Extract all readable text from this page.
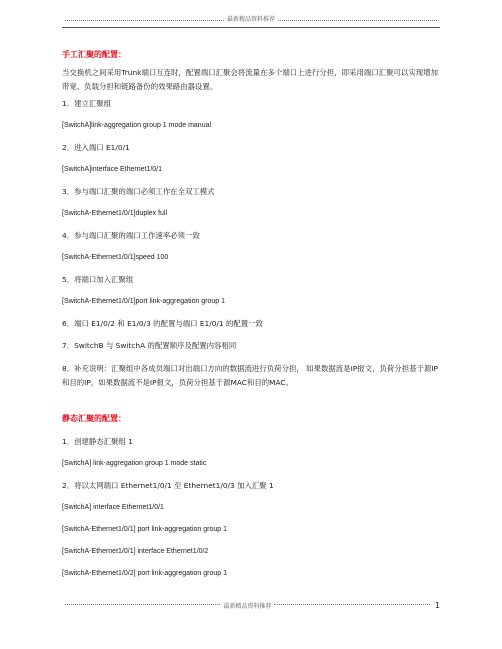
最新精品资料推荐

手工汇聚的配置：

当交换机之间采用Trunk端口互连时，配置端口汇聚会将流量在多个端口上进行分担，即采用端口汇聚可以实现增加带宽、负载分担和链路备份的效果路由器设置。

1．建立汇聚组

[SwitchA]link-aggregation group 1 mode manual

2．进入端口 E1/0/1

[SwitchA]interface Ethernet1/0/1

3．参与端口汇聚的端口必须工作在全双工模式

[SwitchA-Ethernet1/0/1]duplex full

4．参与端口汇聚的端口工作速率必须一致

[SwitchA-Ethernet1/0/1]speed 100

5．将端口加入汇聚组

[SwitchA-Ethernet1/0/1]port link-aggregation group 1

6．端口 E1/0/2 和 E1/0/3 的配置与端口 E1/0/1 的配置一致

7．SwitchB 与 SwitchA 的配置顺序及配置内容相同

8．补充说明：汇聚组中各成员端口对出端口方向的数据流进行负荷分担， 如果数据流是IP报文，负荷分担基于源IP和目的IP，如果数据流不是IP报文，负荷分担基于源MAC和目的MAC。

静态汇聚的配置：

1．创建静态汇聚组 1

[SwitchA] link-aggregation group 1 mode static

2．将以太网端口 Ethernet1/0/1 至 Ethernet1/0/3 加入汇聚 1

[SwitchA] interface Ethernet1/0/1

[SwitchA-Ethernet1/0/1] port link-aggregation group 1

[SwitchA-Ethernet1/0/1] interface Ethernet1/0/2

[SwitchA-Ethernet1/0/2] port link-aggregation group 1

最新精品资料推荐	1
